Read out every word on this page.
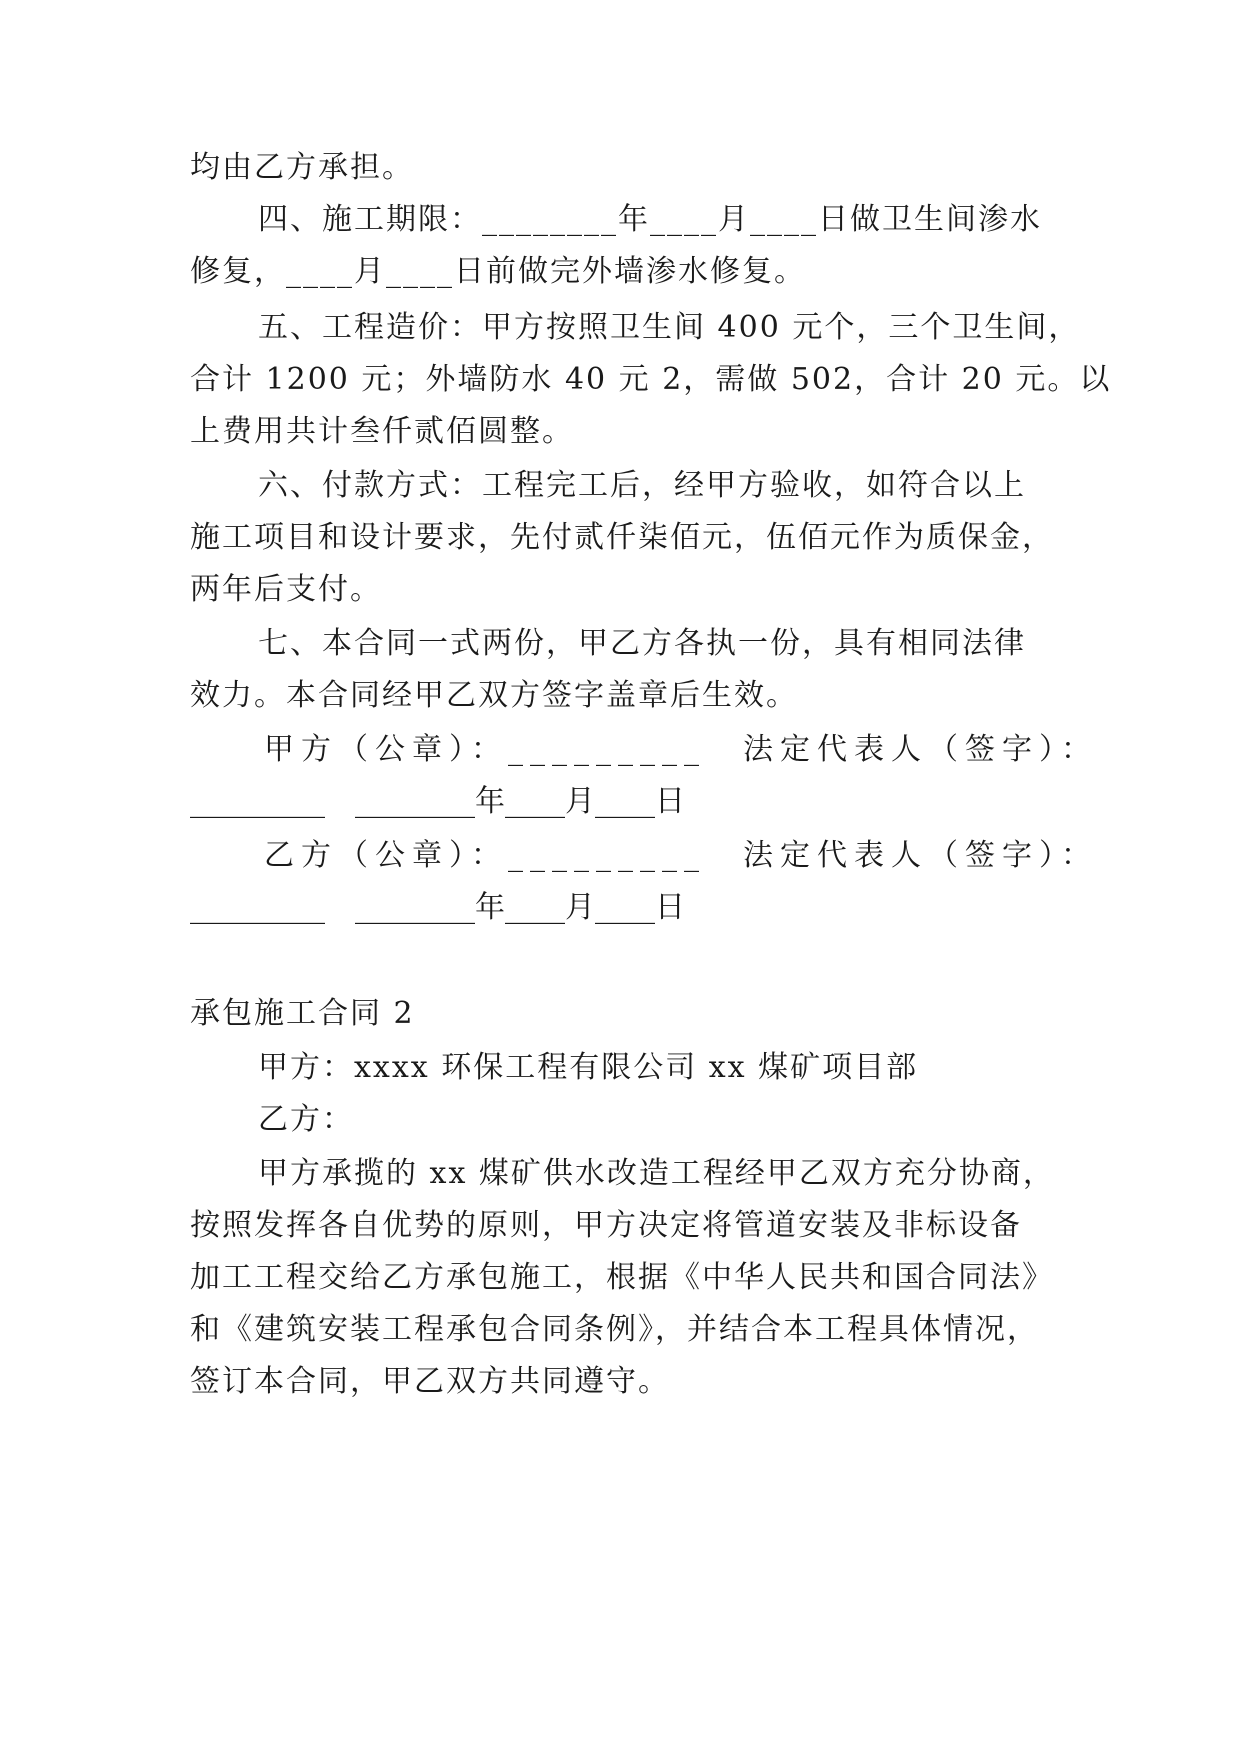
均由乙方承担。
四、施工期限：________年____月____日做卫生间渗水
修复，____月____日前做完外墙渗水修复。
五、工程造价：甲方按照卫生间 400 元个，三个卫生间，
合计 1200 元；外墙防水 40 元 2，需做 502，合计 20 元。以
上费用共计叁仟贰佰圆整。
六、付款方式：工程完工后，经甲方验收，如符合以上
施工项目和设计要求，先付贰仟柒佰元，伍佰元作为质保金，
两年后支付。
七、本合同一式两份，甲乙方各执一份，具有相同法律
效力。本合同经甲乙双方签字盖章后生效。
甲方（公章）：_________　法定代表人（签字）：
_________　________年____月____日
乙方（公章）：_________　法定代表人（签字）：
_________　________年____月____日
承包施工合同 2
甲方：xxxx 环保工程有限公司 xx 煤矿项目部
乙方：
甲方承揽的 xx 煤矿供水改造工程经甲乙双方充分协商，
按照发挥各自优势的原则，甲方决定将管道安装及非标设备
加工工程交给乙方承包施工，根据《中华人民共和国合同法》
和《建筑安装工程承包合同条例》，并结合本工程具体情况，
签订本合同，甲乙双方共同遵守。
